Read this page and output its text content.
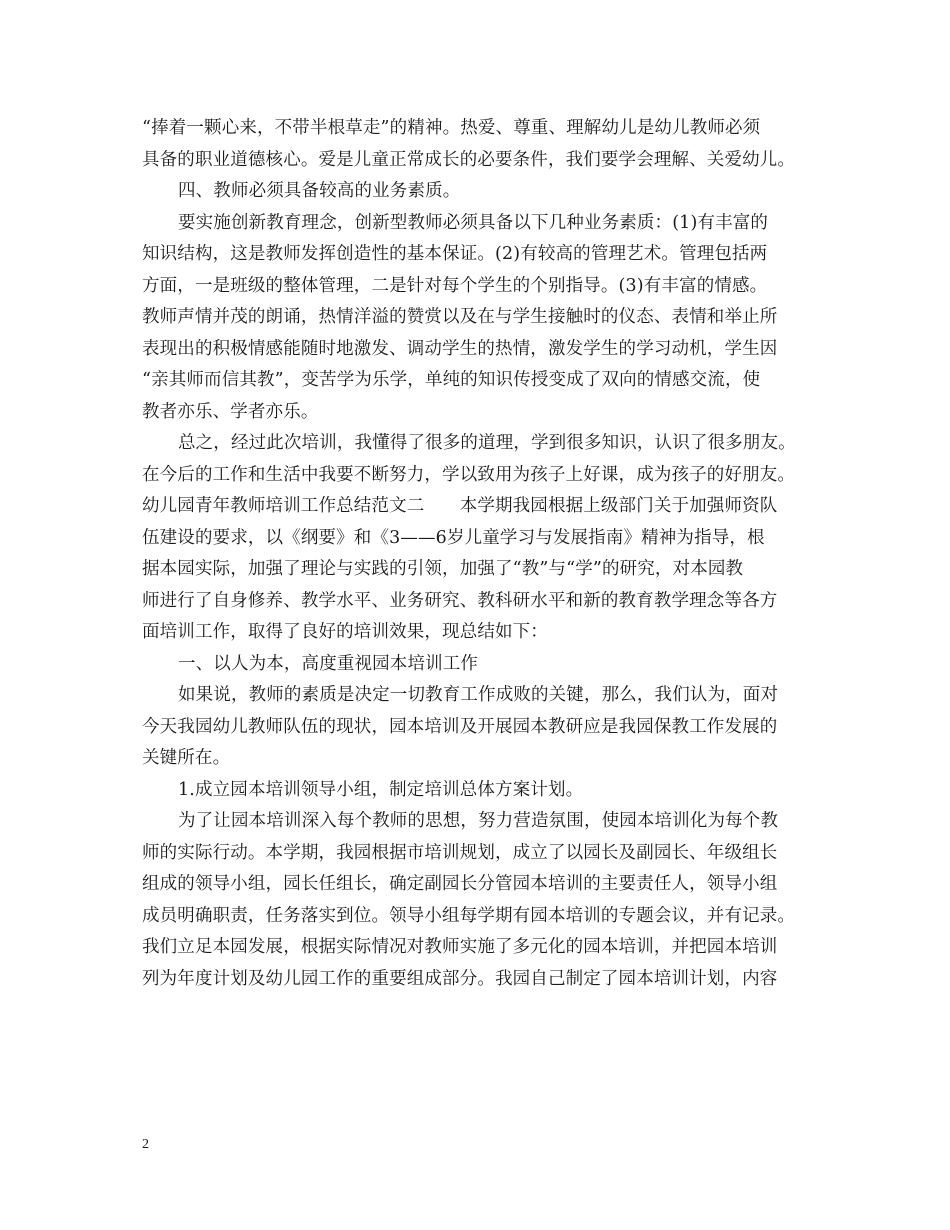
“捧着一颗心来，不带半根草走”的精神。热爱、尊重、理解幼儿是幼儿教师必须
具备的职业道德核心。爱是儿童正常成长的必要条件，我们要学会理解、关爱幼儿。
四、教师必须具备较高的业务素质。
要实施创新教育理念，创新型教师必须具备以下几种业务素质：(1)有丰富的
知识结构，这是教师发挥创造性的基本保证。(2)有较高的管理艺术。管理包括两
方面，一是班级的整体管理，二是针对每个学生的个别指导。(3)有丰富的情感。
教师声情并茂的朗诵，热情洋溢的赞赏以及在与学生接触时的仪态、表情和举止所
表现出的积极情感能随时地激发、调动学生的热情，激发学生的学习动机，学生因
“亲其师而信其教”，变苦学为乐学，单纯的知识传授变成了双向的情感交流，使
教者亦乐、学者亦乐。
总之，经过此次培训，我懂得了很多的道理，学到很多知识，认识了很多朋友。
在今后的工作和生活中我要不断努力，学以致用为孩子上好课，成为孩子的好朋友。
幼儿园青年教师培训工作总结范文二　　本学期我园根据上级部门关于加强师资队
伍建设的要求，以《纲要》和《3——6岁儿童学习与发展指南》精神为指导，根
据本园实际，加强了理论与实践的引领，加强了“教”与“学”的研究，对本园教
师进行了自身修养、教学水平、业务研究、教科研水平和新的教育教学理念等各方
面培训工作，取得了良好的培训效果，现总结如下：
一、以人为本，高度重视园本培训工作
如果说，教师的素质是决定一切教育工作成败的关键，那么，我们认为，面对
今天我园幼儿教师队伍的现状，园本培训及开展园本教研应是我园保教工作发展的
关键所在。
1.成立园本培训领导小组，制定培训总体方案计划。
为了让园本培训深入每个教师的思想，努力营造氛围，使园本培训化为每个教
师的实际行动。本学期，我园根据市培训规划，成立了以园长及副园长、年级组长
组成的领导小组，园长任组长，确定副园长分管园本培训的主要责任人，领导小组
成员明确职责，任务落实到位。领导小组每学期有园本培训的专题会议，并有记录。
我们立足本园发展，根据实际情况对教师实施了多元化的园本培训，并把园本培训
列为年度计划及幼儿园工作的重要组成部分。我园自己制定了园本培训计划，内容
2
